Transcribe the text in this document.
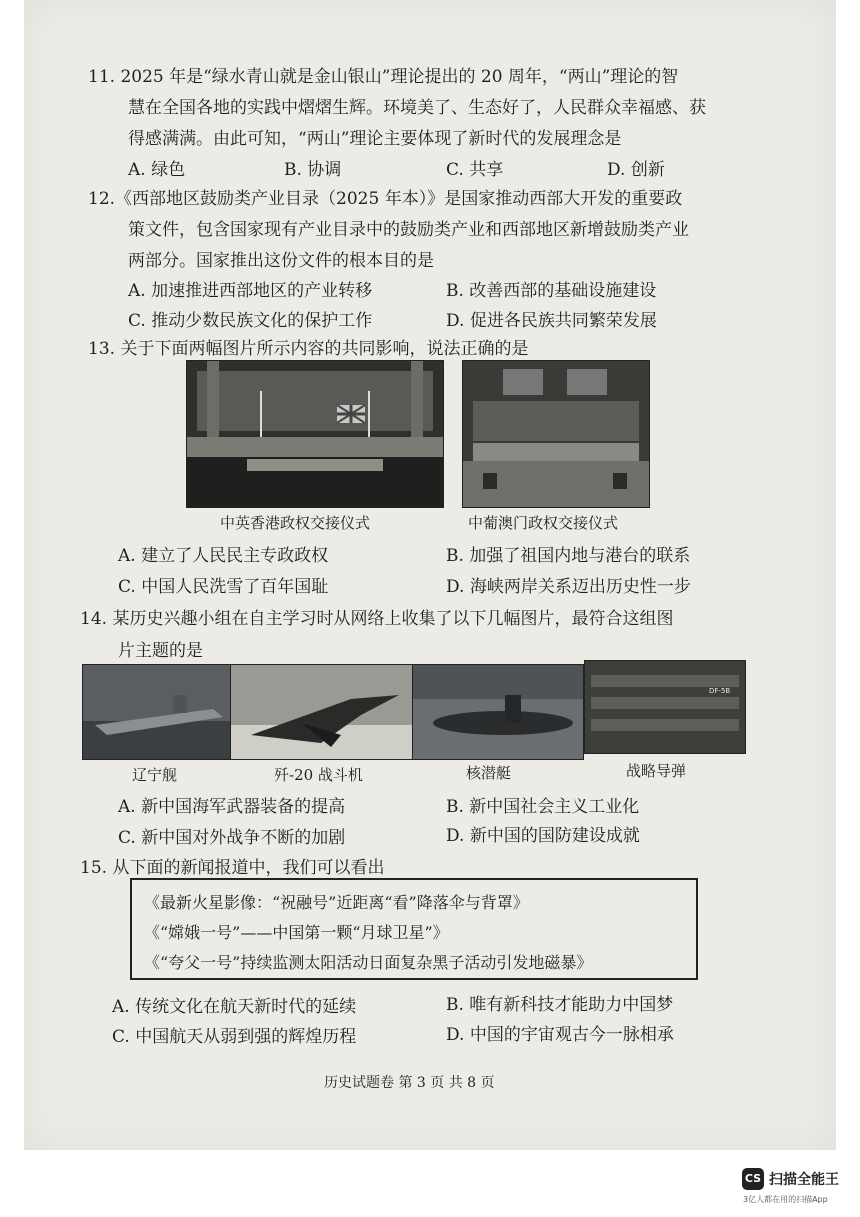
11. 2025 年是“绿水青山就是金山银山”理论提出的 20 周年，“两山”理论的智
慧在全国各地的实践中熠熠生辉。环境美了、生态好了，人民群众幸福感、获
得感满满。由此可知，“两山”理论主要体现了新时代的发展理念是
A. 绿色	B. 协调	C. 共享	D. 创新
12.《西部地区鼓励类产业目录（2025 年本）》是国家推动西部大开发的重要政
策文件，包含国家现有产业目录中的鼓励类产业和西部地区新增鼓励类产业
两部分。国家推出这份文件的根本目的是
A. 加速推进西部地区的产业转移	B. 改善西部的基础设施建设
C. 推动少数民族文化的保护工作	D. 促进各民族共同繁荣发展
13. 关于下面两幅图片所示内容的共同影响，说法正确的是
中英香港政权交接仪式	中葡澳门政权交接仪式
A. 建立了人民民主专政政权	B. 加强了祖国内地与港台的联系
C. 中国人民洗雪了百年国耻	D. 海峡两岸关系迈出历史性一步
14. 某历史兴趣小组在自主学习时从网络上收集了以下几幅图片，最符合这组图
片主题的是
DF-5B
辽宁舰	歼-20 战斗机	核潜艇	战略导弹
A. 新中国海军武器装备的提高	B. 新中国社会主义工业化
C. 新中国对外战争不断的加剧	D. 新中国的国防建设成就
15. 从下面的新闻报道中，我们可以看出
《最新火星影像：“祝融号”近距离“看”降落伞与背罩》
《“嫦娥一号”——中国第一颗“月球卫星”》
《“夸父一号”持续监测太阳活动日面复杂黑子活动引发地磁暴》
A. 传统文化在航天新时代的延续	B. 唯有新科技才能助力中国梦
C. 中国航天从弱到强的辉煌历程	D. 中国的宇宙观古今一脉相承
历史试题卷 第 3 页 共 8 页
CS 扫描全能王
3亿人都在用的扫描App
